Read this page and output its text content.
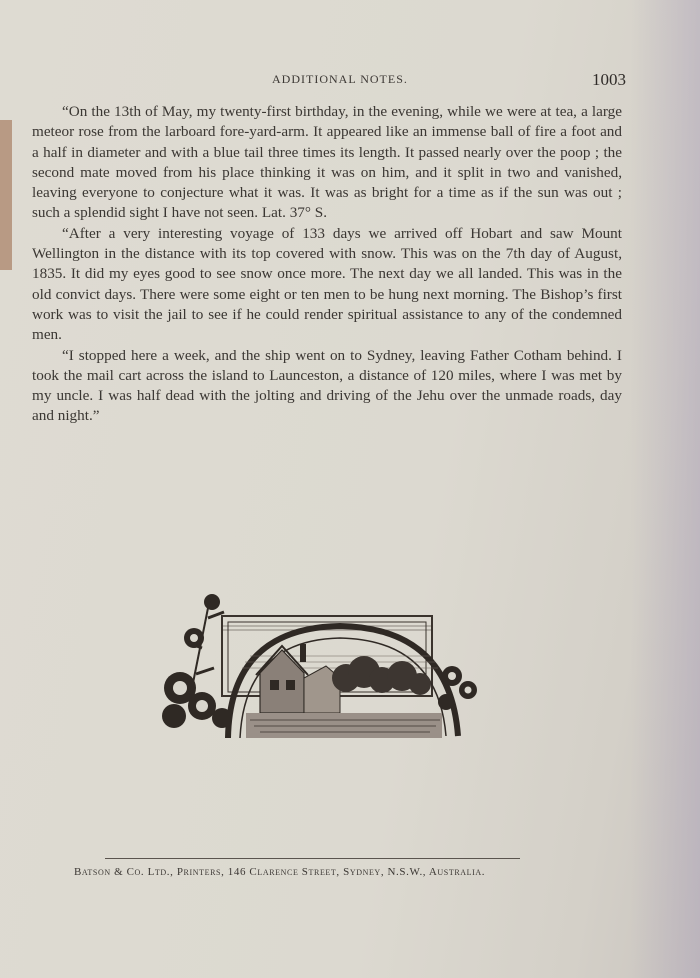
ADDITIONAL NOTES.	1003

“On the 13th of May, my twenty-first birthday, in the evening, while we were at tea, a large meteor rose from the larboard fore-yard-arm. It appeared like an immense ball of fire a foot and a half in diameter and with a blue tail three times its length. It passed nearly over the poop ; the second mate moved from his place thinking it was on him, and it split in two and vanished, leaving everyone to conjecture what it was. It was as bright for a time as if the sun was out ; such a splendid sight I have not seen. Lat. 37° S.

“After a very interesting voyage of 133 days we arrived off Hobart and saw Mount Wellington in the distance with its top covered with snow. This was on the 7th day of August, 1835. It did my eyes good to see snow once more. The next day we all landed. This was in the old convict days. There were some eight or ten men to be hung next morning. The Bishop’s first work was to visit the jail to see if he could render spiritual assistance to any of the condemned men.

“I stopped here a week, and the ship went on to Sydney, leaving Father Cotham behind. I took the mail cart across the island to Launceston, a distance of 120 miles, where I was met by my uncle. I was half dead with the jolting and driving of the Jehu over the unmade roads, day and night.”

Batson & Co. Ltd., Printers, 146 Clarence Street, Sydney, N.S.W., Australia.
